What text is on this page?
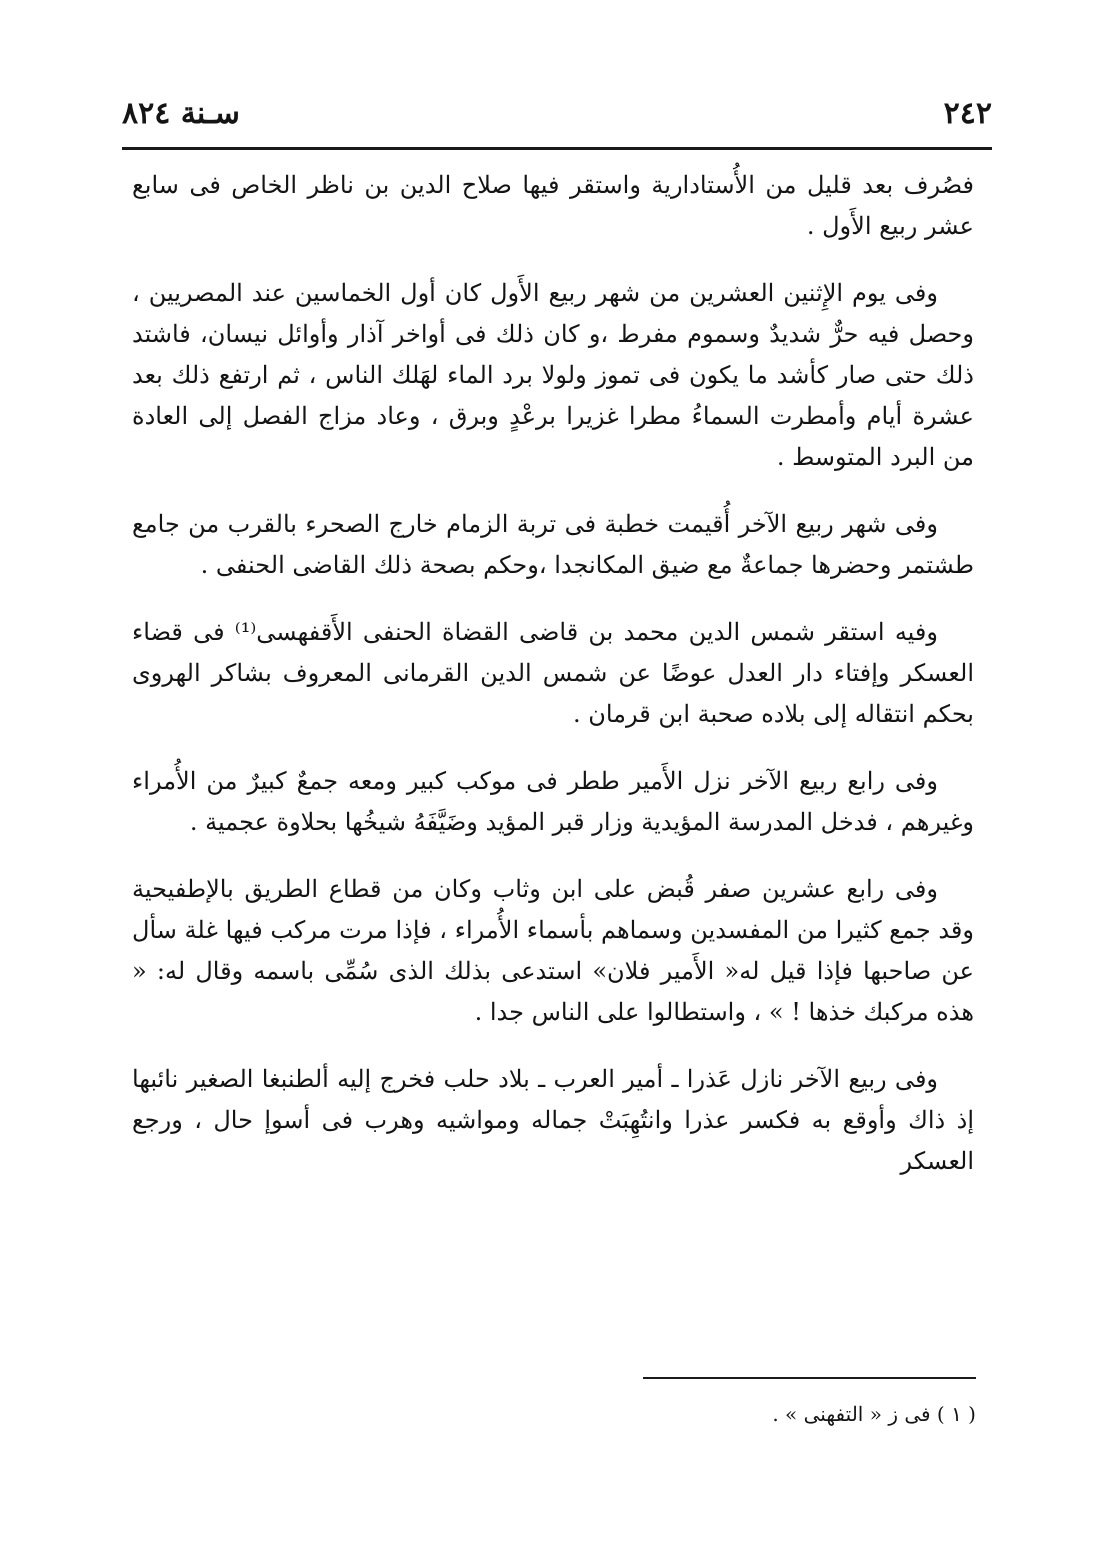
٢٤٢
سـنة ٨٢٤

فصُرف بعد قليل من الأُستادارية واستقر فيها صلاح الدين بن ناظر الخاص فى سابع عشر ربيع الأَول .

وفى يوم الإِثنين العشرين من شهر ربيع الأَول كان أول الخماسين عند المصريين ، وحصل فيه حرٌّ شديدٌ وسموم مفرط ،و كان ذلك فى أواخر آذار وأوائل نيسان، فاشتد ذلك حتى صار كأشد ما يكون فى تموز ولولا برد الماء لهَلك الناس ، ثم ارتفع ذلك بعد عشرة أيام وأمطرت السماءُ مطرا غزيرا برعْدٍ وبرق ، وعاد مزاج الفصل إلى العادة من البرد المتوسط .

وفى شهر ربيع الآخر أُقيمت خطبة فى تربة الزمام خارج الصحرء بالقرب من جامع طشتمر وحضرها جماعةٌ مع ضيق المكانجدا ،وحكم بصحة ذلك القاضى الحنفى .

وفيه استقر شمس الدين محمد بن قاضى القضاة الحنفى الأَقفهسى⁽¹⁾ فى قضاء العسكر وإفتاء دار العدل عوضًا عن شمس الدين القرمانى المعروف بشاكر الهروى بحكم انتقاله إلى بلاده صحبة ابن قرمان .

وفى رابع ربيع الآخر نزل الأَمير ططر فى موكب كبير ومعه جمعٌ كبيرٌ من الأُمراء وغيرهم ، فدخل المدرسة المؤيدية وزار قبر المؤيد وضَيَّفَهُ شيخُها بحلاوة عجمية .

وفى رابع عشرين صفر قُبض على ابن وثاب وكان من قطاع الطريق بالإطفيحية وقد جمع كثيرا من المفسدين وسماهم بأسماء الأُمراء ، فإذا مرت مركب فيها غلة سأل عن صاحبها فإذا قيل له« الأَمير فلان» استدعى بذلك الذى سُمِّى باسمه وقال له: « هذه مركبك خذها ! » ، واستطالوا على الناس جدا .

وفى ربيع الآخر نازل عَذرا ـ أمير العرب ـ بلاد حلب فخرج إليه ألطنبغا الصغير نائبها إذ ذاك وأوقع به فكسر عذرا وانتُهِبَتْ جماله ومواشيه وهرب فى أسوإ حال ، ورجع العسكر

( ١ ) فى ز « التفهنى » .
